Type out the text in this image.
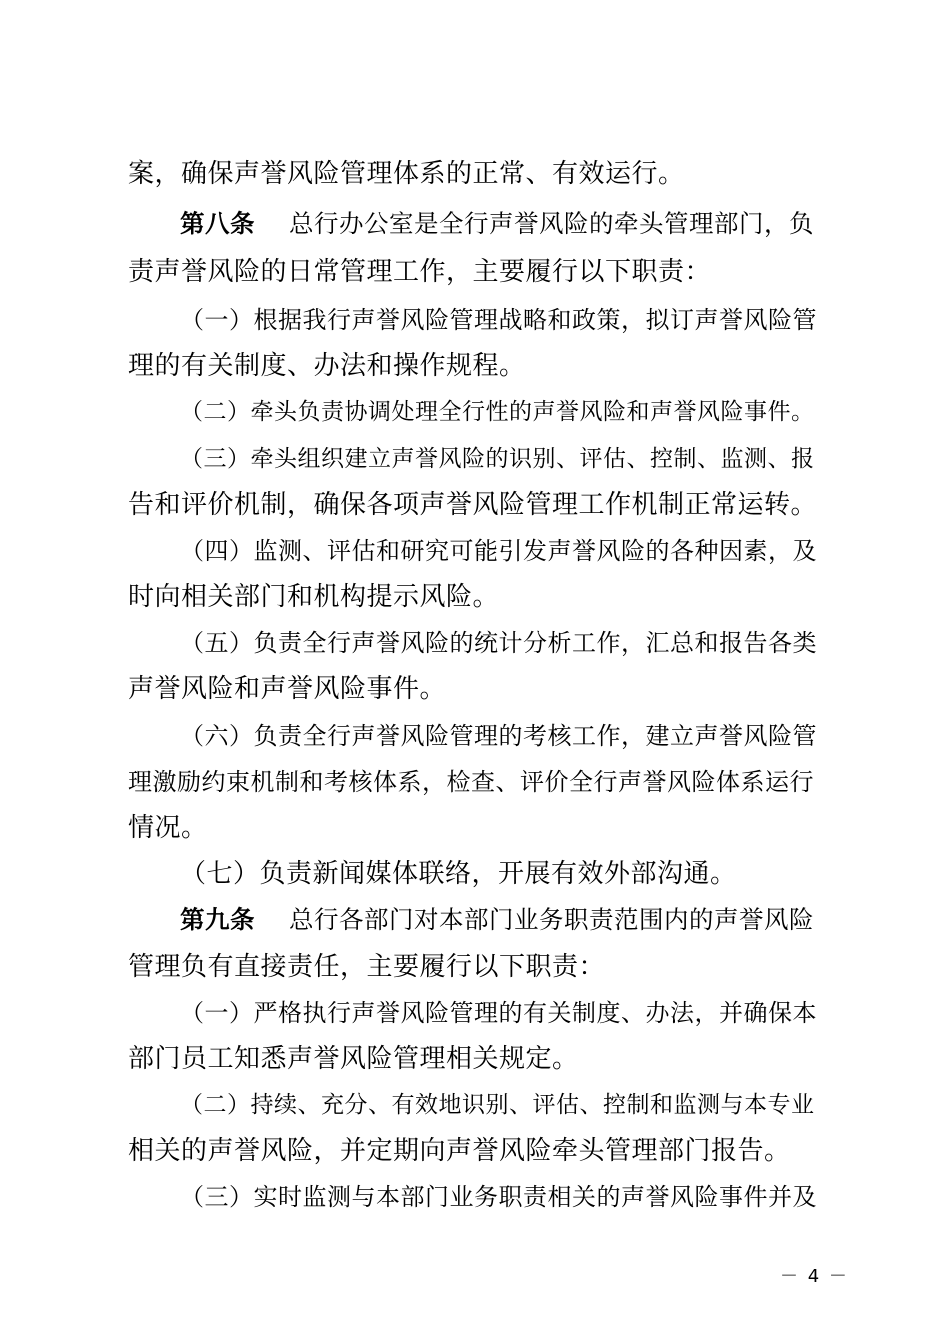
案，确保声誉风险管理体系的正常、有效运行。
第八条 总行办公室是全行声誉风险的牵头管理部门，负
责声誉风险的日常管理工作，主要履行以下职责：
（一）根据我行声誉风险管理战略和政策，拟订声誉风险管
理的有关制度、办法和操作规程。
（二）牵头负责协调处理全行性的声誉风险和声誉风险事件。
（三）牵头组织建立声誉风险的识别、评估、控制、监测、报
告和评价机制，确保各项声誉风险管理工作机制正常运转。
（四）监测、评估和研究可能引发声誉风险的各种因素，及
时向相关部门和机构提示风险。
（五）负责全行声誉风险的统计分析工作，汇总和报告各类
声誉风险和声誉风险事件。
（六）负责全行声誉风险管理的考核工作，建立声誉风险管
理激励约束机制和考核体系，检查、评价全行声誉风险体系运行
情况。
（七）负责新闻媒体联络，开展有效外部沟通。
第九条 总行各部门对本部门业务职责范围内的声誉风险
管理负有直接责任，主要履行以下职责：
（一）严格执行声誉风险管理的有关制度、办法，并确保本
部门员工知悉声誉风险管理相关规定。
（二）持续、充分、有效地识别、评估、控制和监测与本专业
相关的声誉风险，并定期向声誉风险牵头管理部门报告。
（三）实时监测与本部门业务职责相关的声誉风险事件并及
－ 4 －
